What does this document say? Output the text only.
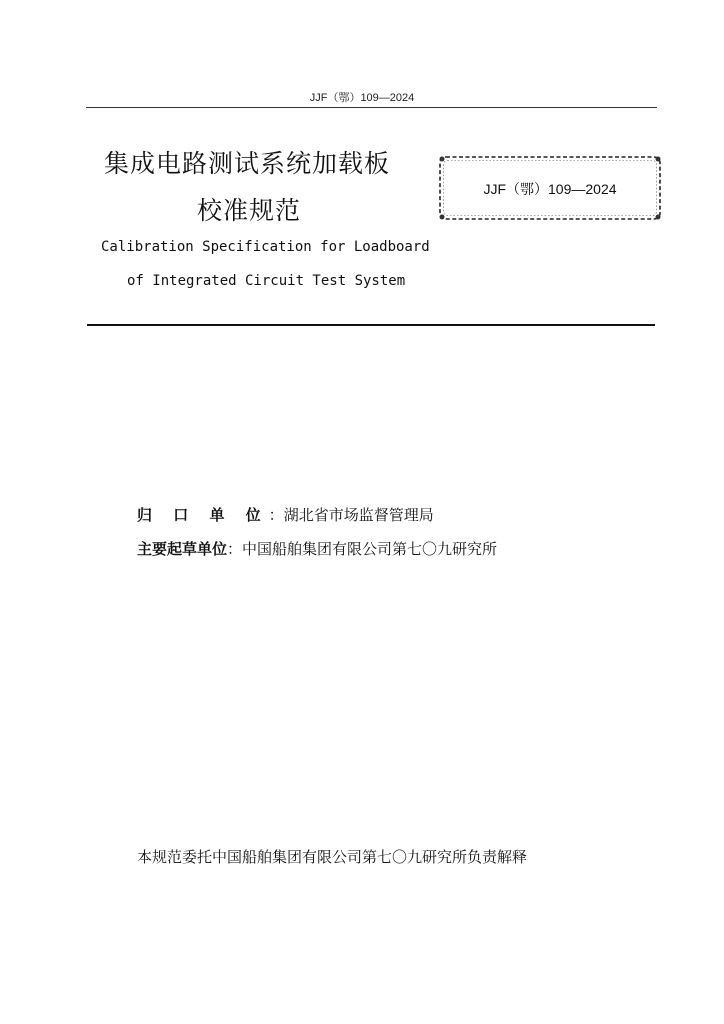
JJF（鄂）109—2024
集成电路测试系统加载板
校准规范
JJF（鄂）109—2024
Calibration Specification for Loadboard
of Integrated Circuit Test System
归 口 单 位：湖北省市场监督管理局
主要起草单位：中国船舶集团有限公司第七〇九研究所
本规范委托中国船舶集团有限公司第七〇九研究所负责解释
